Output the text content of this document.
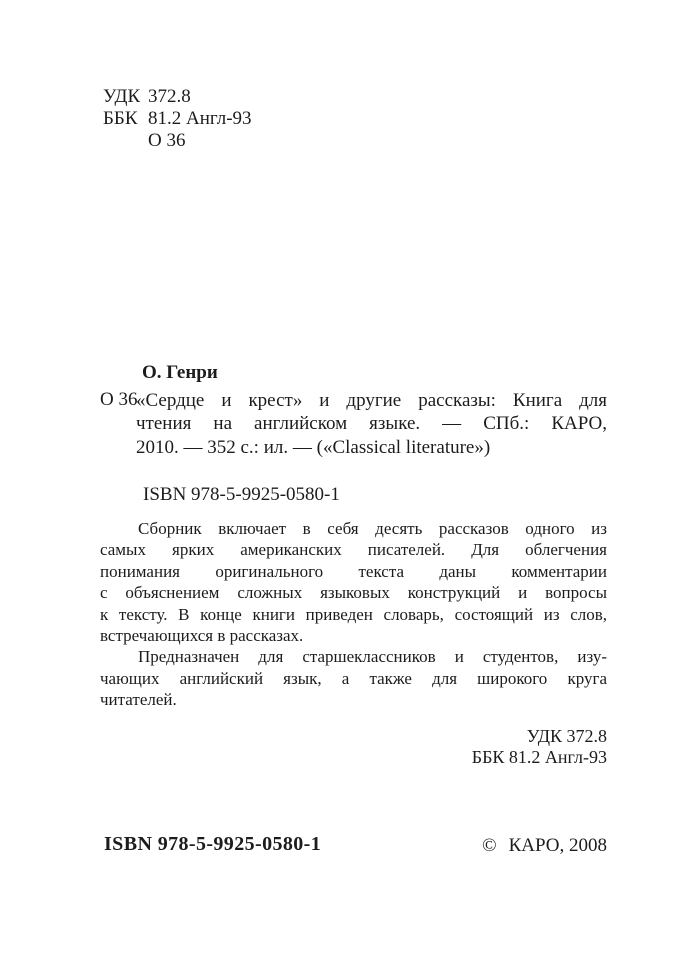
УДК 372.8
ББК 81.2 Англ-93
О 36
О. Генри
О 36
«Сердце и крест» и другие рассказы: Книга для
чтения на английском языке. — СПб.: КАРО,
2010. — 352 с.: ил. — («Classical literature»)
ISBN 978-5-9925-0580-1
Сборник включает в себя десять рассказов одного из
самых ярких американских писателей. Для облегчения
понимания оригинального текста даны комментарии
с объяснением сложных языковых конструкций и вопросы
к тексту. В конце книги приведен словарь, состоящий из слов,
встречающихся в рассказах.
Предназначен для старшеклассников и студентов, изу-
чающих английский язык, а также для широкого круга
читателей.
УДК 372.8
ББК 81.2 Англ-93
ISBN 978-5-9925-0580-1	© КАРО, 2008
